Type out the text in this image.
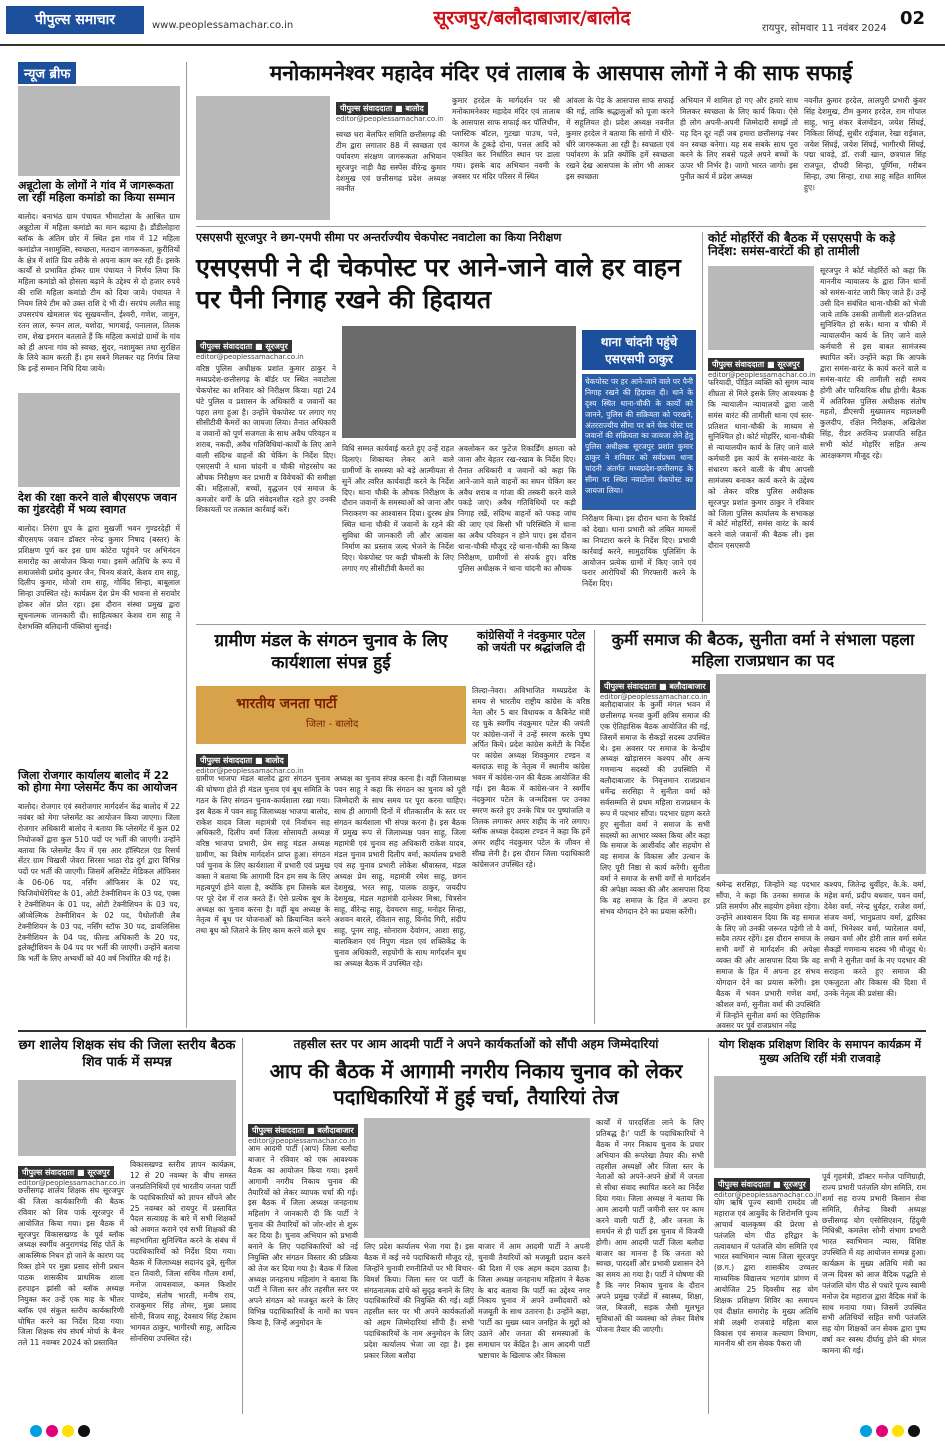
पीपुल्स समाचार	www.peoplessamachar.co.in	सूरजपुर/बलौदाबाजार/बालोद	रायपुर, सोमवार 11 नवंबर 2024 02
न्यूज ब्रीफ
अन्नूटोला के लोगों ने गांव में जागरूकता ला रहीं महिला कमांडो का किया सम्मान
बालोद। बनाभंठ ग्राम पंचायत भीमाटोला के आश्रित ग्राम अन्नूटोला में महिला कमांडो का मान बढ़ाया है। डौंडीलोहारा ब्लॉक के अंतिम छोर में स्थित इस गांव में 12 महिला कमांडोज नशामुक्ति, स्वच्छता, मतदान जागरूकता, कुरीतियों के क्षेत्र में शांति प्रिय तरीके से अपना काम कर रही हैं। इसके कार्यों से प्रभावित होकर ग्राम पंचायत ने निर्णय लिया कि महिला कमांडो को होसला बढ़ाने के उद्देश्य से दो हजार रुपये की राशि महिला कमांडो टीम को दिया जाये। पंचायत ने नियम लिये टीम को उक्त राशि दे भी दी। सरपंच ललीत साहू उपसरपंच खेमलाल चंद सुखवन्तीन, ईश्वरी, गणेश, जामुन, रतन लाल, रूपन लाल, यशोदा, भागवाई, पनालाल, तिलक राम, शेख इमरान बतलाते हैं कि महिला कमांडो ग्रामों के गांव को ही अपना गांव को स्वच्छ, सुंदर, नशामुक्त तथा सुरक्षित के लिये काम करती हैं। हम सबने मिलकर यह निर्णय लिया कि इन्हें सम्मान निधि दिया जाये।
देश की रक्षा करने वाले बीएसएफ जवान का गुंडरदेही में भव्य स्वागत
बालोद। तिरंगा ग्रुप के द्वारा मुखर्जी भवन गुण्डरदेही में बीएसएफ जवान डॉक्टर नरेन्द्र कुमार निषाद (बस्तर) के प्रशिक्षण पूर्ण कर इस ग्राम कोटेरा पहुंचने पर अभिनंदन समारोह का आयोजन किया गया। इसमें अतिथि के रूप में समाजसेवी प्रमोद कुमार जैन, चिनय बंजारे, केशव राम साहू, दिलीप कुमार, मोजो राम साहू, गोविंद सिन्हा, बाबूलाल सिन्हा उपस्थित रहे। कार्यक्रम देश प्रेम की भावना से सरावोर होकर ओत प्रोत रहा। इस दौरान संस्था प्रमुख द्वारा सूचनात्मक जानकारी दी। साहित्यकार केशव राम साहू ने देशभक्ति बलिदानी पंक्तियां सुनाई।
जिला रोजगार कार्यालय बालोद में 22 को होगा मेगा प्लेसमेंट कैंप का आयोजन
बालोद। रोजगार एवं स्वरोजगार मार्गदर्शन केंद्र बालोद में 22 नवंबर को मेगा प्लेसमेंट का आयोजन किया जाएगा। जिला रोजगार अधिकारी बालोद ने बताया कि प्लेसमेंट में कुल 02 नियोजकों द्वारा कुल 510 पदों पर भर्ती की जाएगी। उन्होंने बताया कि प्लेसमेंट कैंप में एस आर हॉस्पिटल एंड रिसर्च सेंटर ग्राम चिखली जेवरा सिरसा भाठा रोड दुर्ग द्वारा विभिन्न पदों पर भर्ती की जाएगी। जिसमें असिस्टेंट मेडिकल ऑफिसर के 06-06 पद, नर्सिंग ऑफिसर के 02 पद, फिजियोथेरेपिस्ट के 01, ओटी टेक्नीशियन के 03 पद, एक्स रे टेक्नीशियन के 01 पद, ओटी टेक्नीशियन के 03 पद, ऑप्थेल्मिक टेक्नीशियन के 02 पद, पैथोलॉजी लैब टेक्नीशियन के 03 पद, नर्सिंग स्टॉफ 30 पद, डायलिसिस टेक्नीशियन के 04 पद, फील्ड अधिकारी के 20 पद, इलेक्ट्रीशियन के 04 पद पर भर्ती की जाएगी। उन्होंने बताया कि भर्ती के लिए अभ्यर्थी को 40 वर्ष निर्धारित की गई है।
मनोकामनेश्वर महादेव मंदिर एवं तालाब के आसपास लोगों ने की साफ सफाई
पीपुल्स संवाददाता ■ बालोद
editor@peoplessamachar.co.in
स्वच्छ धरा बेलफिर समिति छत्तीसगढ़ की टीम द्वारा लगातार 88 में स्वच्छता एवं पर्यावरण संरक्षण जागरूकता अभियान सूरजपुर नाड़ी वैद्य सस्पेंस वीरेन्द्र कुमार देशमुख एवं छत्तीसगढ़ प्रदेश अध्यक्ष नवनीत
कुमार हरदेल के मार्गदर्शन पर श्री मनोकामनेश्वर महादेव मंदिर एवं तालाब के आसपास साफ सफाई कर पॉलिथीन, प्लास्टिक बॉटल, गुटखा पाउच, पत्ते, कागज के टुकड़े दोना, पत्तल आदि को एकत्रित कर निर्धारित स्थान पर डाला गया। इसके बाद अभियान नवमी के अवसर पर मंदिर परिसर में स्थित
आंवला के पेड़ के आसपास साफ सफाई की गई, ताकि श्रद्धालुओं को पूजा करने में सहूलियत हो। प्रदेश अध्यक्ष नवनीत कुमार हरदेल ने बताया कि सांगो में धीरे-धीरे जागरूकता आ रही है। स्वच्छता एवं पर्यावरण के प्रति क्योंकि हमें स्वच्छता रखने देख आसपास के लोग भी आकर इस स्वच्छता
अभियान में शामिल हो गए और हमारे साथ मिलकर स्वच्छता के लिए कार्य किया। ऐसे ही लोग अपनी-अपनी जिम्मेदारी समझें तो यह दिन दूर नहीं जब हमारा छत्तीसगढ़ नंबर वन स्वच्छ बनेगा। यह सब सबके साथ पूरा करने के लिए सबसे पहले अपने बच्चों के ऊपर भी निर्भर है। जागो भारत जागो। इस पुनीत कार्य में प्रदेश अध्यक्ष
नवनीत कुमार हरदेल, लालपुरी प्रभारी कुंवर सिंह देशमुख, टीम कुमार हरदेल, राम गोपाल साहू, भानु शंकर बेलग्वेंडन, जयेश सिंघई, निकिता सिंघई, सुधीर राईवाल, रेखा राईवाल, जयेश सिंघई, जयेश सिंघई, भागीरथी सिंघई, पद्मा धावड़े, डॉ. राजी खान, छत्रपाल सिंह राजपूत, दौपदी सिन्हा, पूर्णिमा, गरीबन सिन्हा, उषा सिन्हा, राधा साहू सहित शामिल हुए।
एसएसपी सूरजपुर ने छग-एमपी सीमा पर अन्तर्राज्यीय चेकपोस्ट नवाटोला का किया निरीक्षण
एसएसपी ने दी चेकपोस्ट पर आने-जाने वाले हर वाहन पर पैनी निगाह रखने की हिदायत
पीपुल्स संवाददाता ■ सूरजपुर
editor@peoplessamachar.co.in
वरिष्ठ पुलिस अधीक्षक प्रशांत कुमार ठाकुर ने मध्यप्रदेश-छत्तीसगढ़ के बॉर्डर पर स्थित नवाटोला चेकपोस्ट का शनिवार को निरीक्षण किया। यहां 24 घंटे पुलिस व प्रशासन के अधिकारी व जवानों का पहरा लगा हुआ है। उन्होंने चेकपोस्ट पर लगाए गए सीसीटीवी कैमरों का जायजा लिया। तैनात अधिकारी व जवानों को पूर्ण सजगता के साथ अवैध परिवहन व शराब, नकदी, अवैध गतिविधियां-कार्यों के लिए आने वाली संदिग्ध वाहनों की चेकिंग के निर्देश दिए। एसएसपी ने थाना चांदनी व चौकी मोहरसोप का औचक निरीक्षण कर प्रभारी व विवेचकों की समीक्षा की। महिलाओं, बच्चों, वृद्धजन एवं समाज के कमजोर वर्गों के प्रति संवेदनशील रहते हुए उनकी शिकायतों पर तत्काल कार्रवाई करें।
विधि सम्मत कार्यवाई करते हुए उन्हें राहत दिलाएं। शिकायत लेकर आने वाले ग्रामीणों के समस्या को बड़े आत्मीयता से सुनें और त्वरित कार्यवाही करने के निर्देश दिए। थाना चौकी के औचक निरीक्षण के दौरान जवानों के समस्याओं को जाना और निराकरण का आश्वासन दिया। दुरस्थ क्षेत्र स्थित थाना चौकी में जवानों के रहने की सुविधा की जानकारी ली और आवास निर्माण का प्रस्ताव जल्द भेजने के निर्देश दिए। चेकपोस्ट पर कड़ी चौकसी के लिए लगाए गए सीसीटीवी कैमरों का
अवलोकन कर फुटेज रिकार्डिंग क्षमता को जाना और बेहतर रख-रखाव के निर्देश दिए। तैनात अधिकारी व जवानों को कहा कि आने-जाने वाले वाहनों का सघन चेकिंग कर अवैध शराब व गांजा की तस्करी करने वाले पकड़े जाएं। अवैध गतिविधियों पर कड़ी निगाह रखें, संदिग्ध वाहनों को पकड़ जांच की जाए एवं किसी भी परिस्थिति में थाना का अवैध परिवहन न होने पाए। इस दौरान थाना-चौकी मौजूद रहे थाना-चौकी का किया निरीक्षण, ग्रामीणों से संपर्क हुए। वरिष्ठ पुलिस अधीक्षक ने थाना चांदनी का औचक
थाना चांदनी पहुंचे एसएसपी ठाकुर
चेकपोस्ट पर हर आने-जाने वाले पर पैनी निगाह रखने की हिदायत दी। थाने के दृश्य स्थित थाना-चौकी के कार्यों को जानने, पुलिस की सक्रियता को परखने, अंतरराज्यीय सीमा पर बने चेक पोस्ट पर जवानों की सक्रियता का जायजा लेने हेतु पुलिस अधीक्षक सूरजपुर प्रशांत कुमार ठाकुर ने शनिवार को सर्वप्रथम थाना चांदनी अंतर्गत मध्यप्रदेश-छत्तीसगढ़ के सीमा पर स्थित नवाटोला चेकपोस्ट का जायजा लिया।
निरीक्षण किया। इस दौरान थाना के रिकॉर्ड को देखा। थाना प्रभारी को लंबित मामलों का निपटारा करने के निर्देश दिए। प्रभावी कार्रवाई करने, सामुदायिक पुलिसिंग के आयोजन प्रत्येक ग्रामों में किए जाने एवं फरार आरोपियों की गिरफ्तारी करने के निर्देश दिए।
कोर्ट मोहर्रिरों की बैठक में एसएसपी के कड़े निर्देश: समंस-वारंटों की हो तामीली
पीपुल्स संवाददाता ■ सूरजपुर
editor@peoplessamachar.co.in
फरियादी, पीड़ित व्यक्ति को सुगम न्याय शीघ्रता से मिले इसके लिए आवश्यक है कि न्यायालीन न्यायालयों द्वारा जारी समंस वारंट की तामीली थाना एवं स्तर-प्रतिशत थाना-चौकी के माध्यम से सुनिश्चित हो। कोर्ट मोहर्रिर, थाना-चौकी से न्यायालयीन कार्य के लिए जाने वाले कर्मचारी इस कार्य के समंस-वारंट के संधारण करने वाली के बीच आपसी सामंजस्य बनाकर कार्य करने के उद्देश्य को लेकर वरिष्ठ पुलिस अधीक्षक सूरजपुर प्रशांत कुमार ठाकुर ने रविवार को जिला पुलिस कार्यालय के सभाकक्ष में कोर्ट मोहर्रिरों, समंस वारंट के कार्य करने वाले जवानों की बैठक ली। इस दौरान एसएसपी
सूरजपुर ने कोर्ट मोहर्रिरों को कहा कि माननीय न्यायालय के द्वारा जिन थानों को समंस-वारंट जारी किए जाते हैं। उन्हें उसी दिन संबंधित थाना-चौकी को भेजी जाये ताकि उसकी तामीली शत-प्रतिशत सुनिश्चित हो सके। थाना व चौकी में न्यायालयीन कार्य के लिए जाने वाले कर्मचारी से इस बाबत सामंजस्य स्थापित करें। उन्होंने कहा कि आपके द्वारा समंस-वारंट के कार्य करने वाले व समंस-वारंट की तामीली सही समय होगी और पारिवारिक शीघ्र होगी। बैठक में अतिरिक्त पुलिस अधीक्षक संतोष महतो, डीएसपी मुख्यालय महालक्ष्मी कुलदीप, रक्षित निरीक्षक, अखिलेश सिंह, रीडर अरविन्द प्रजापति सहित सभी कोर्ट मोहर्रिर सहित अन्य आरक्षकगण मौजूद रहे।
ग्रामीण मंडल के संगठन चुनाव के लिए कार्यशाला संपन्न हुई
भारतीय जनता पार्टी
जिला - बालोद
पीपुल्स संवाददाता ■ बालोद
editor@peoplessamachar.co.in
ग्रामीण भाजपा मंडल बालोद द्वारा संगठन चुनाव की घोषणा होते ही मंडल चुनाव एवं बूथ समिति के गठन के लिए संगठन चुनाव-कार्यशाला रखा गया। इस बैठक में पवन साहू जिलाध्यक्ष भाजपा बालोद, राकेश यादव जिला महामंत्री एवं निर्वाचन सह अधिकारी, दिलीप वर्मा जिला सोसायटी अध्यक्ष वरिष्ठ भाजपा प्रभारी, प्रेम साहू मंडल अध्यक्ष ग्रामीण, का विशेष मार्गदर्शन प्राप्त हुआ। संगठन पर्व चुनाव के लिए कार्यशाला में प्रभारी एवं प्रमुख वक्ता ने बताया कि आगामी दिन हम सब के लिए महत्वपूर्ण होने वाला है, क्योंकि हम जिसके बल पर पूरे देश में राज करते हैं। ऐसे प्रत्येक बूथ के अध्यक्ष का चुनाव करना है। वहीं बूथ अध्यक्ष के नेतृत्व में बूथ पर योजनाओं को क्रियान्वित करने तथा बूथ को जिताने के लिए काम करने वाले बूथ
अध्यक्ष का चुनाव संपन्न करना है। वहीं जिलाध्यक्ष पवन साहू ने कहा कि संगठन का चुनाव को पूरी जिम्मेदारी के साथ समय पर पूरा करना चाहिए। साथ ही आगामी दिनों में शीतकालीन के स्तर पर संगठन कार्यशाला भी संपन्न करना है। इस बैठक में प्रमुख रूप से जिलाध्यक्ष पवन साहू, जिला महामंत्री एवं चुनाव सह अधिकारी राकेश यादव, मंडल चुनाव प्रभारी दिलीप वर्मा, कार्यालय प्रभारी एवं सह चुनाव प्रभारी लोकेश श्रीवास्तव, मंडल अध्यक्ष प्रेम साहू, महामंत्री रमेश साहू, छगन देशमुख, भरत साहू, पालक ठाकुर, जयदीप देशमुख, मंडल महामंत्री दानेश्वर मिश्रा, चित्रसेन साहू, वीरेन्द्र साहू, देवचरण साहू, मनोहर सिन्हा, अशवन बारले, रवितान साहू, विनोद गिरी, संदीप साहू, पूनम साहू, सोनाराम देवांगन, आशा साहू, बालकिशन एवं निपुण मंडल एवं शक्तिकेंद्र के चुनाव अधिकारी, सहयोगी के साथ मार्गदर्शन बूथ का अध्यक्ष बैठक में उपस्थित रहे।
कांग्रेसियों ने नंदकुमार पटेल को जयंती पर श्रद्धांजलि दी
तिल्दा-नेवरा। अविभाजित मध्यप्रदेश के समय से भारतीय राष्ट्रीय कांग्रेस के वरिष्ठ नेता और 5 बार विधायक व कैबिनेट मंत्री रह चुके स्वर्गीय नंदकुमार पटेल की जयंती पर कांग्रेस-जनों ने उन्हें स्मरण करके पुष्प अर्पित किये। प्रदेश कांग्रेस कमेटी के निर्देश पर कांग्रेस अध्यक्ष शिवकुमार टण्डन व बलदाऊ साहू के नेतृत्व में स्थानीय कांग्रेस भवन में कांग्रेस-जन की बैठक आयोजित की गई। इस बैठक में कांग्रेस-जन ने स्वर्गीय नंदकुमार पटेल के जन्मदिवस पर उनका स्मरण करते हुए उनके चित्र पर पुष्पांजलि व तिलक लगाकर अमर शहीद के नारे लगाए। ब्लॉक अध्यक्ष देवदास टण्डन ने कहा कि हमें अमर शहीद नंदकुमार पटेल के जीवन से सीख लेनी है। इस दौरान जिला पदाधिकारी कांग्रेसजन उपस्थित रहे।
कुर्मी समाज की बैठक, सुनीता वर्मा ने संभाला पहला महिला राजप्रधान का पद
पीपुल्स संवाददाता ■ बलौदाबाजार
editor@peoplessamachar.co.in
बलौदाबाजार के कुर्मी मंगल भवन में छत्तीसगढ़ मनवा कुर्मी क्षत्रिय समाज की एक ऐतिहासिक बैठक आयोजित की गई, जिसमें समाज के सैकड़ों सदस्य उपस्थित थे। इस अवसर पर समाज के केन्द्रीय अध्यक्ष खोड़ासरन कश्यप और अन्य गणमान्य सदस्यों की उपस्थिति में बलौदाबाजार के निवृत्तमान राजप्रधान धर्मेन्द्र सरसिहा ने सुनीता वर्मा को सर्वसम्मति से प्रथम महिला राजप्रधान के रूप में पदभार सौंपा। पदभार ग्रहण करते हुए सुनीता वर्मा ने समाज के सभी सदस्यों का आभार व्यक्त किया और कहा कि समाज के आशीर्वाद और सहयोग से वह समाज के विकास और उत्थान के लिए पूरी निष्ठा से कार्य करेंगी। सुनीता वर्मा ने समाज के सभी वर्गों से मार्गदर्शन की अपेक्षा व्यक्त की और आसपास दिया कि वह समाज के हित में अपना हर संभव योगदान देने का प्रयास करेंगी।
श्रमेन्द्र सरसिहा, जिन्होंने यह पदभार सौंपा, ने कहा कि उनका समाज के प्रति समर्पण और सहयोग हमेशा रहेगा। उन्होंने आश्वासन दिया कि वह समाज के लिए जो उनकी जरूरत पड़ेगी तो वे सदैव तत्पर रहेंगे। इस दौरान समाज के सभी वर्गों से मार्गदर्शन की अपेक्षा व्यक्त की और आसपास दिया कि वह समाज के हित में अपना हर संभव योगदान देने का प्रयास करेंगी। इस बैठक में भवन प्रभारी गणेश वर्मा, कौशल वर्मा, सुनीता वर्मा की उपस्थिति में जिन्होंने सुनीता वर्मा का ऐतिहासिक अवसर पर पूर्व राजप्रधान नरेंद्र
कश्यप, जितेन्द्र धुर्वीहर, के.के. वर्मा, महेश वर्मा, प्रदीप बधवार, पवन वर्मा, देवेश वर्मा, नरेन्द्र धुर्वहर, राजेश वर्मा, संजय वर्मा, भानुप्रताप वर्मा, द्वारिका वर्मा, भिनेश्वर वर्मा, प्यारेलाल वर्मा, लखन वर्मा और होरी लाल वर्मा समेत सैकड़ों गणमान्य सदस्य भी मौजूद थे। सभी ने सुनीता वर्मा के नए पदभार की सराहना करते हुए समाज की एकजुटता और विकास की दिशा में उनके नेतृत्व की प्रशंसा की।
छग शालेय शिक्षक संघ की जिला स्तरीय बैठक शिव पार्क में सम्पन्न
पीपुल्स संवाददाता ■ सूरजपुर
editor@peoplessamachar.co.in
छत्तीसगढ़ शालेय शिक्षक संघ सूरजपुर की जिला कार्यकारिणी की बैठक रविवार को शिव पार्क सूरजपुर में आयोजित किया गया। इस बैठक में सूरजपुर विकासखण्ड के पूर्व ब्लॉक अध्यक्ष स्वर्गीय अनुरागचंद्र सिंह पोर्ते के आकस्मिक निधन हो जाने के कारण पद रिक्त होने पर मुन्ना प्रसाद सोनी प्रधान पाठक शासकीय प्राथमिक शाला हरपाइन झांसी को ब्लॉक अध्यक्ष नियुक्त कर उन्हें एक माह के भीतर ब्लॉक एवं संकुल स्तरीय कार्यकारिणी घोषित करने का निर्देश दिया गया। जिला शिक्षक संघ संघर्ष मोर्चा के बैनर तले 11 नवम्बर 2024 को प्रस्तावित
विकासखण्ड स्तरीय ज्ञापन कार्यक्रम, 12 से 20 नवम्बर के बीच समस्त जनप्रतिनिधियों एवं भारतीय जनता पार्टी के पदाधिकारियों को ज्ञापन सौंपने और 25 नवम्बर को रायपुर में प्रस्तावित पैदल सत्याग्रह के बारे में सभी शिक्षकों को अवगत कराने एवं सभी शिक्षकों की सहभागिता सुनिश्चित करने के संबंध में पदाधिकारियों को निर्देश दिया गया। बैठक में जिलाध्यक्ष सदानंद दुबे, सुनील दत्त तिवारी, जिला सचिव गौतम शर्मा, मनोज जायसवाल, कमल किशोर पाण्डेय, संतोष भारती, मनीष राय, राजकुमार सिंह तोमर, मुन्ना प्रसाद सोनी, विजय साहू, देवसाय सिंह टेकाम भागवत ठाकुर, भागीरथी साहू, आदित्य सोनसिया उपस्थित रहे।
तहसील स्तर पर आम आदमी पार्टी ने अपने कार्यकर्ताओं को सौंपी अहम जिम्मेदारियां
आप की बैठक में आगामी नगरीय निकाय चुनाव को लेकर पदाधिकारियों में हुई चर्चा, तैयारियां तेज
पीपुल्स संवाददाता ■ बलौदाबाजार
editor@peoplessamachar.co.in
आम आदमी पार्टी (आप) जिला बलौदा बाजार ने रविवार को एक आवश्यक बैठक का आयोजन किया गया। इसमें आगामी नगरीय निकाय चुनाव की तैयारियों को लेकर व्यापक चर्चा की गई। इस बैठक में जिला अध्यक्ष जनहनाथ महिलांग ने जानकारी दी कि पार्टी ने चुनाव की तैयारियों को जोर-शोर से शुरू कर दिया है। चुनाव अभियान को प्रभावी बनाने के लिए पदाधिकारियों को नई नियुक्ति और संगठन विस्तार की प्रक्रिया को तेज कर दिया गया है। बैठक में जिला अध्यक्ष जनहनाथ महिलांग ने बताया कि पार्टी ने जिला स्तर और तहसील स्तर पर अपने संगठन को मजबूत करने के लिए विभिन्न पदाधिकारियों के नामों का चयन किया है, जिन्हें अनुमोदन के
लिए प्रदेश कार्यालय भेजा गया है। इस बैठक में कई नये पदाधिकारी मौजूद रहे, जिन्होंने चुनावी रणनीतियों पर भी विचार-विमर्श किया। जिला स्तर पर पार्टी के संगठनात्मक ढांचे को सुदृढ़ बनाने के लिए पदाधिकारियों की नियुक्ति की गई। वहीं तहसील स्तर पर भी अपने कार्यकर्ताओं को अहम जिम्मेदारियां सौंपी हैं। सभी पदाधिकारियों के नाम अनुमोदन के लिए प्रदेश कार्यालय भेजा जा रहा है। इस प्रकार जिला बलौदा
बाजार में आम आदमी पार्टी ने अपनी चुनावी तैयारियों को मजबूती प्रदान करने की दिशा में एक अहम कदम उठाया है। जिला अध्यक्ष जनहनाथ महिलांग ने बैठक के बाद बताया कि पार्टी का उद्देश्य नगर निकाय चुनाव में अपने उम्मीदवारों को मजबूती के साथ उतारना है। उन्होंने कहा, 'पार्टी का मुख्य ध्यान जनहित के मुद्दों को उठाने और जनता की समस्याओं के समाधान पर केंद्रित है। आम आदमी पार्टी भ्रष्टाचार के खिलाफ और विकास
कार्यों में पारदर्शिता लाने के लिए प्रतिबद्ध है।' पार्टी के पदाधिकारियों ने बैठक में नगर निकाय चुनाव के प्रचार अभियान की रूपरेखा तैयार की। सभी तहसील अध्यक्षों और जिला स्तर के नेताओं को अपने-अपने क्षेत्रों में जनता से सीधा संवाद स्थापित करने का निर्देश दिया गया। जिला अध्यक्ष ने बताया कि आम आदमी पार्टी जमीनी स्तर पर काम करने वाली पार्टी है, और जनता के समर्थन से ही पार्टी इस चुनाव में विजयी होगी। आम आदमी पार्टी जिला बलौदा बाजार का मानना है कि जनता को स्वच्छ, पारदर्शी और प्रभावी प्रशासन देने का समय आ गया है। पार्टी ने घोषणा की है कि नगर निकाय चुनाव के दौरान अपने प्रमुख एजेंडों में स्वास्थ्य, शिक्षा, जल, बिजली, सड़क जैसी मूलभूत सुविधाओं की व्यवस्था को लेकर विशेष योजना तैयार की जाएगी।
योग शिक्षक प्रशिक्षण शिविर के समापन कार्यक्रम में मुख्य अतिथि रहीं मंत्री राजवाड़े
पीपुल्स संवाददाता ■ सूरजपुर
editor@peoplessamachar.co.in
योग ऋषि पूज्य स्वामी रामदेव जी महाराज एवं आयुर्वेद के शिरोमणि पूज्य आचार्य बालकृष्ण की प्रेरणा से पतंजलि योग पीठ हरिद्वार के तत्वावधान में पतंजलि योग समिति एवं भारत स्वाभिमान न्यास जिला सूरजपुर (छ.ग.) द्वारा शासकीय उच्चतर माध्यमिक विद्यालय भटगांव प्रांगण में आयोजित 25 दिवसीय सह योग शिक्षक प्रशिक्षण शिविर का समापन एवं दीक्षांत समारोह के मुख्य अतिथि मंत्री लक्ष्मी राजवाड़े महिला बाल विकास एवं समाज कल्याण विभाग, माननीय श्री राम सेवक पैकरा जी
पूर्व गृहमंत्री, डॉक्टर मनोज पाणिग्राही, राज्य प्रभारी पतंजलि योग समिति, राम शर्मा सह राज्य प्रभारी किसान सेवा समिति, शैलेन्द्र विश्वी अध्यक्ष छत्तीसगढ़ योग एसोसिएशन, हिंदुमी निधिश्री, कमलेश सोनी संभाग प्रभारी भारत स्वाभिमान न्यास, विशिष्ट उपस्थिति में यह आयोजन सम्पन्न हुआ। कार्यक्रम के मुख्य अतिथि मंत्री का जन्म दिवस को आज वैदिक पद्धति से पतंजलि योग पीठ से पधारे पूज्य स्वामी मनोज देव महाराज द्वारा वैदिक मंत्रों के साथ मनाया गया। जिसमें उपस्थित सभी अतिथियों सहित सभी पतंजलि सह योग शिक्षकों जन सेवक द्वारा पुष्प वर्षा कर स्वस्थ दीर्घायु होने की मंगल कामना की गई।
